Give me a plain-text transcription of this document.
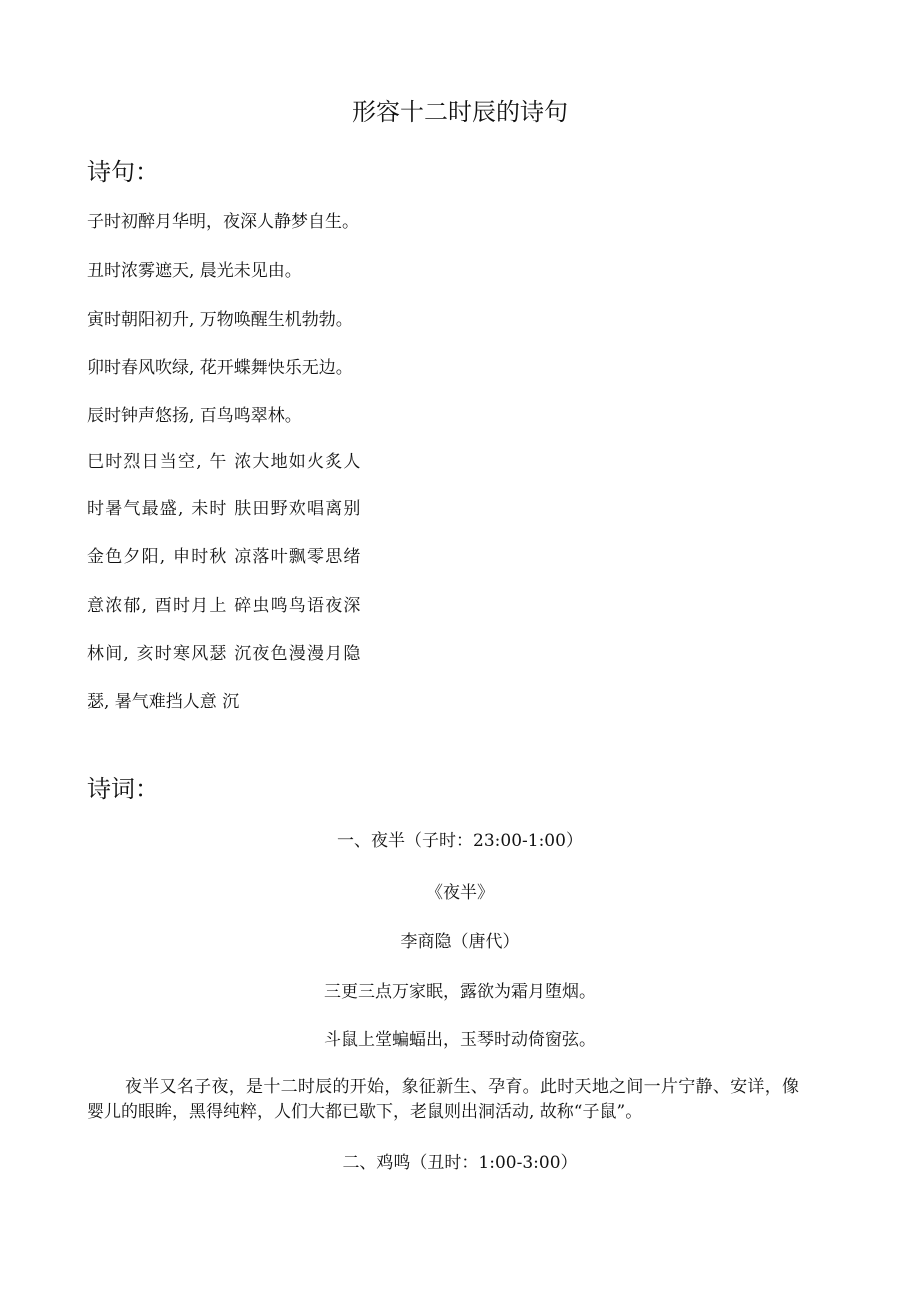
形容十二时辰的诗句
诗句：
子时初醉月华明，夜深人静梦自生。
丑时浓雾遮天, 晨光未见由。
寅时朝阳初升, 万物唤醒生机勃勃。
卯时春风吹绿, 花开蝶舞快乐无边。
辰时钟声悠扬, 百鸟鸣翠林。
巳时烈日当空, 午 浓大地如火炙人
时暑气最盛, 未时 肤田野欢唱离别
金色夕阳, 申时秋 凉落叶飘零思绪
意浓郁, 酉时月上 碎虫鸣鸟语夜深
林间, 亥时寒风瑟 沉夜色漫漫月隐
瑟, 暑气难挡人意 沉
诗词：
一、夜半（子时：23:00-1:00）
《夜半》
李商隐（唐代）
三更三点万家眠，露欲为霜月堕烟。
斗鼠上堂蝙蝠出，玉琴时动倚窗弦。
夜半又名子夜，是十二时辰的开始，象征新生、孕育。此时天地之间一片宁静、安详，像婴儿的眼眸，黑得纯粹，人们大都已歇下，老鼠则出洞活动, 故称“子鼠”。
二、鸡鸣（丑时：1:00-3:00）
